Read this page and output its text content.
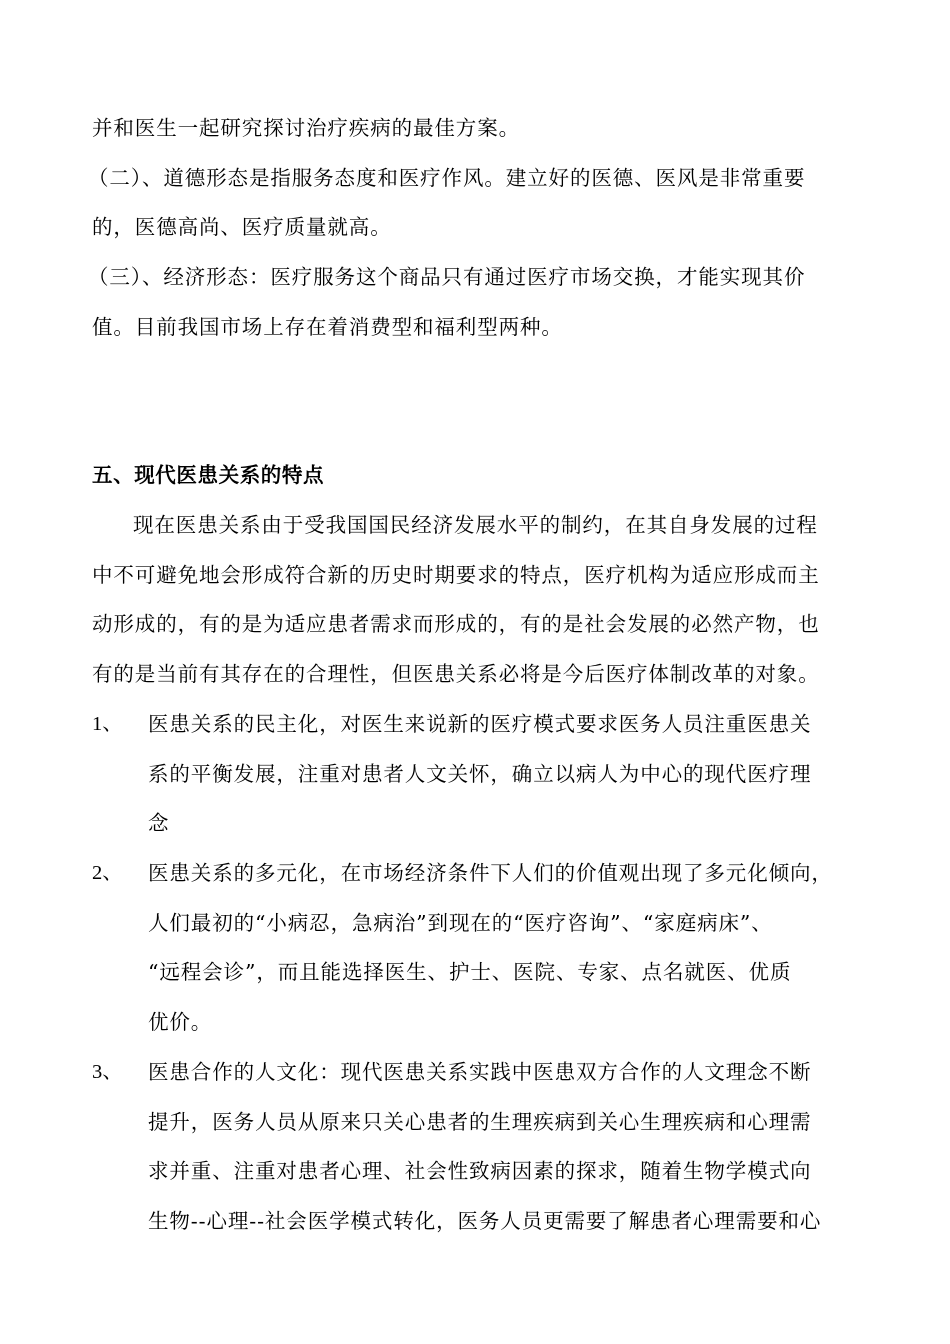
并和医生一起研究探讨治疗疾病的最佳方案。
（二）、道德形态是指服务态度和医疗作风。建立好的医德、医风是非常重要
的，医德高尚、医疗质量就高。
（三）、经济形态：医疗服务这个商品只有通过医疗市场交换，才能实现其价
值。目前我国市场上存在着消费型和福利型两种。
五、现代医患关系的特点
现在医患关系由于受我国国民经济发展水平的制约，在其自身发展的过程
中不可避免地会形成符合新的历史时期要求的特点，医疗机构为适应形成而主
动形成的，有的是为适应患者需求而形成的，有的是社会发展的必然产物，也
有的是当前有其存在的合理性，但医患关系必将是今后医疗体制改革的对象。
1、 医患关系的民主化，对医生来说新的医疗模式要求医务人员注重医患关
系的平衡发展，注重对患者人文关怀，确立以病人为中心的现代医疗理
念
2、 医患关系的多元化，在市场经济条件下人们的价值观出现了多元化倾向，
人们最初的“小病忍，急病治”到现在的“医疗咨询”、“家庭病床”、
“远程会诊”，而且能选择医生、护士、医院、专家、点名就医、优质
优价。
3、 医患合作的人文化：现代医患关系实践中医患双方合作的人文理念不断
提升，医务人员从原来只关心患者的生理疾病到关心生理疾病和心理需
求并重、注重对患者心理、社会性致病因素的探求，随着生物学模式向
生物--心理--社会医学模式转化，医务人员更需要了解患者心理需要和心
